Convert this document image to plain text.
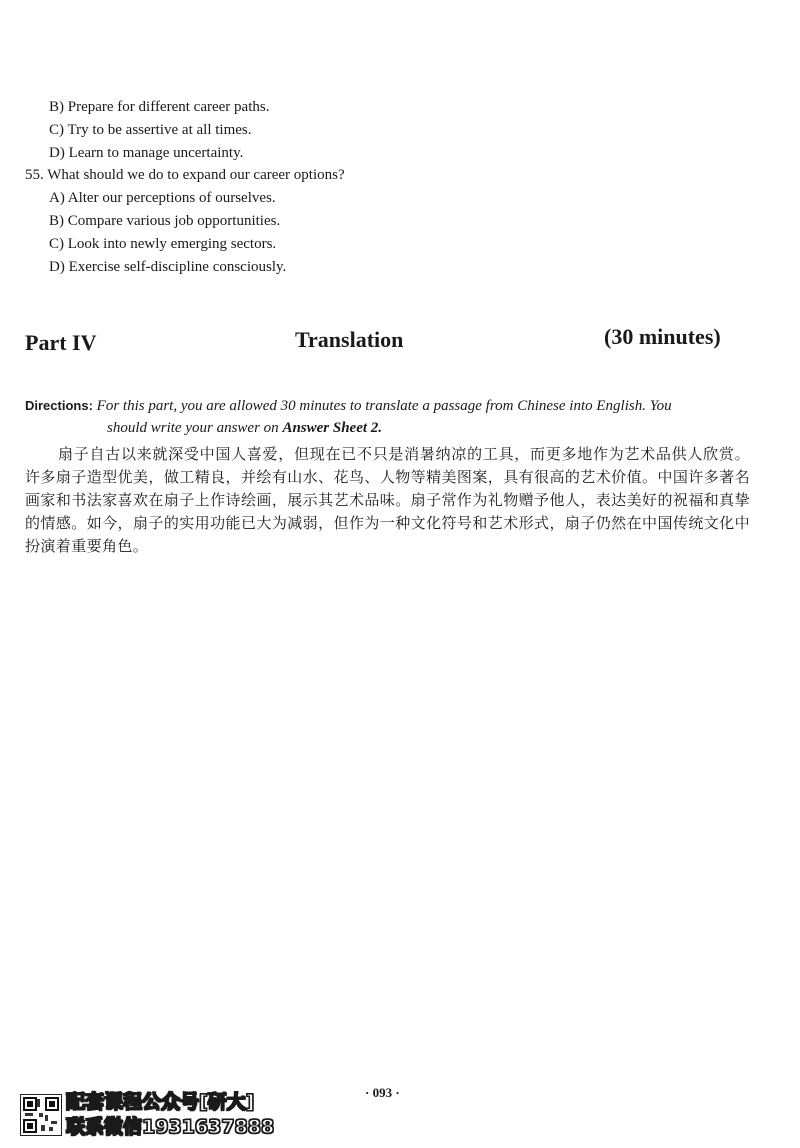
B) Prepare for different career paths.
C) Try to be assertive at all times.
D) Learn to manage uncertainty.
55. What should we do to expand our career options?
A) Alter our perceptions of ourselves.
B) Compare various job opportunities.
C) Look into newly emerging sectors.
D) Exercise self-discipline consciously.
Part IV	Translation	(30 minutes)
Directions: For this part, you are allowed 30 minutes to translate a passage from Chinese into English. You
should write your answer on Answer Sheet 2.
扇子自古以来就深受中国人喜爱，但现在已不只是消暑纳凉的工具，而更多地作为艺术品供人欣赏。许多扇子造型优美，做工精良，并绘有山水、花鸟、人物等精美图案，具有很高的艺术价值。中国许多著名画家和书法家喜欢在扇子上作诗绘画，展示其艺术品味。扇子常作为礼物赠予他人，表达美好的祝福和真挚的情感。如今，扇子的实用功能已大为减弱，但作为一种文化符号和艺术形式，扇子仍然在中国传统文化中扮演着重要角色。
· 093 ·
配套课程公众号[研大]
联系微信1931637888
